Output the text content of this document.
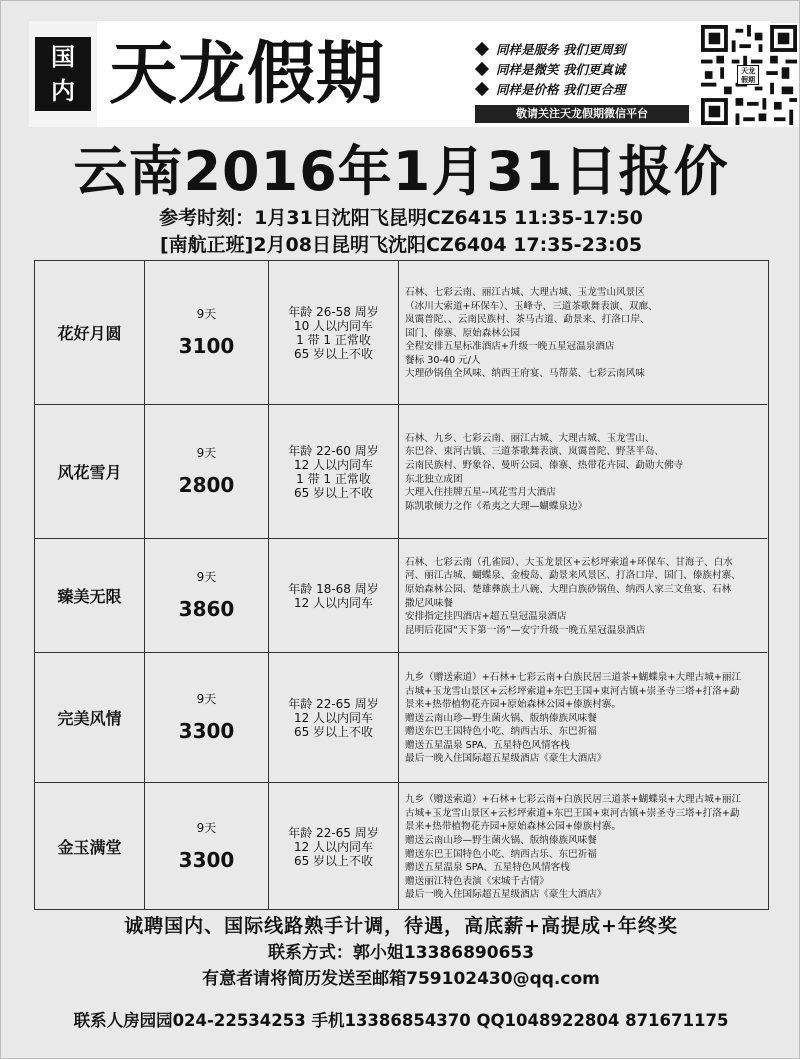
国
内 天龙假期	同样是服务 我们更周到
同样是微笑 我们更真诚
同样是价格 我们更合理
敬请关注天龙假期微信平台
天龙
假期
云南2016年1月31日报价
参考时刻：1月31日沈阳飞昆明CZ6415 11:35-17:50
[南航正班]2月08日昆明飞沈阳CZ6404 17:35-23:05
花好月圆
9天
3100
年龄 26-58 周岁
10 人以内同车
1 带 1 正常收
65 岁以上不收
石林、七彩云南、丽江古城、大理古城、玉龙雪山风景区
（冰川大索道+环保车）、玉峰寺、三道茶歌舞表演、双廊、
岚霭普陀、、云南民族村、茶马古道、勐景来、打洛口岸、
国门、傣寨、原始森林公园
全程安排五星标准酒店+升级一晚五星冠温泉酒店
餐标 30-40 元/人
大理砂锅鱼全风味、纳西王府宴、马帮菜、七彩云南风味
风花雪月
9天
2800
年龄 22-60 周岁
12 人以内同车
1 带 1 正常收
65 岁以上不收
石林、九乡、七彩云南、丽江古城、大理古城、玉龙雪山、
东巴谷、束河古镇、三道茶歌舞表演、岚霭普陀、野茎半岛、
云南民族村、野象谷、曼听公园、傣寨、热带花卉园、勐勋大佛寺
东北独立成团
大理入住挂牌五星--风花雪月大酒店
陈凯歌倾力之作《希夷之大理—蝴蝶泉边》
臻美无限
9天
3860
年龄 18-68 周岁
12 人以内同车
石林、七彩云南（孔雀园）、大玉龙景区+云杉坪索道+环保车、甘海子、白水
河、丽江古城、蝴蝶泉、金梭岛、勐景来风景区、打洛口岸、国门、傣族村寨、
原始森林公园、楚雄彝族土八碗、大理白族砂锅鱼、纳西人家三文鱼宴、石林
撒尼风味餐
安排指定挂四酒店+超五皇冠温泉酒店
昆明后花园“天下第一汤”—安宁升级一晚五星冠温泉酒店
完美风情
9天
3300
年龄 22-65 周岁
12 人以内同车
65 岁以上不收
九乡（赠送索道）+石林+七彩云南+白族民居三道茶+蝴蝶泉+大理古城+丽江
古城+玉龙雪山景区+云杉坪索道+东巴王国+束河古镇+崇圣寺三塔+打洛+勐
景来+热带植物花卉园+原始森林公园+傣族村寨。
赠送云南山珍—野生菌火锅、版纳傣族风味餐
赠送东巴王国特色小吃、纳西古乐、东巴祈福
赠送五星温泉 SPA、五星特色风情客栈
最后一晚入住国际超五星级酒店《豪生大酒店》
金玉满堂
9天
3300
年龄 22-65 周岁
12 人以内同车
65 岁以上不收
九乡（赠送索道）+石林+七彩云南+白族民居三道茶+蝴蝶泉+大理古城+丽江
古城+玉龙雪山景区+云杉坪索道+东巴王国+束河古镇+崇圣寺三塔+打洛+勐
景来+热带植物花卉园+原始森林公园+傣族村寨。
赠送云南山珍—野生菌火锅、版纳傣族风味餐
赠送东巴王国特色小吃、纳西古乐、东巴祈福
赠送五星温泉 SPA、五星特色风情客栈
赠送丽江特色表演《宋城千古情》
最后一晚入住国际超五星级酒店《豪生大酒店》
诚聘国内、国际线路熟手计调，待遇，高底薪+高提成+年终奖
联系方式：郭小姐13386890653
有意者请将简历发送至邮箱759102430@qq.com
联系人房园园024-22534253 手机13386854370 QQ1048922804 871671175
